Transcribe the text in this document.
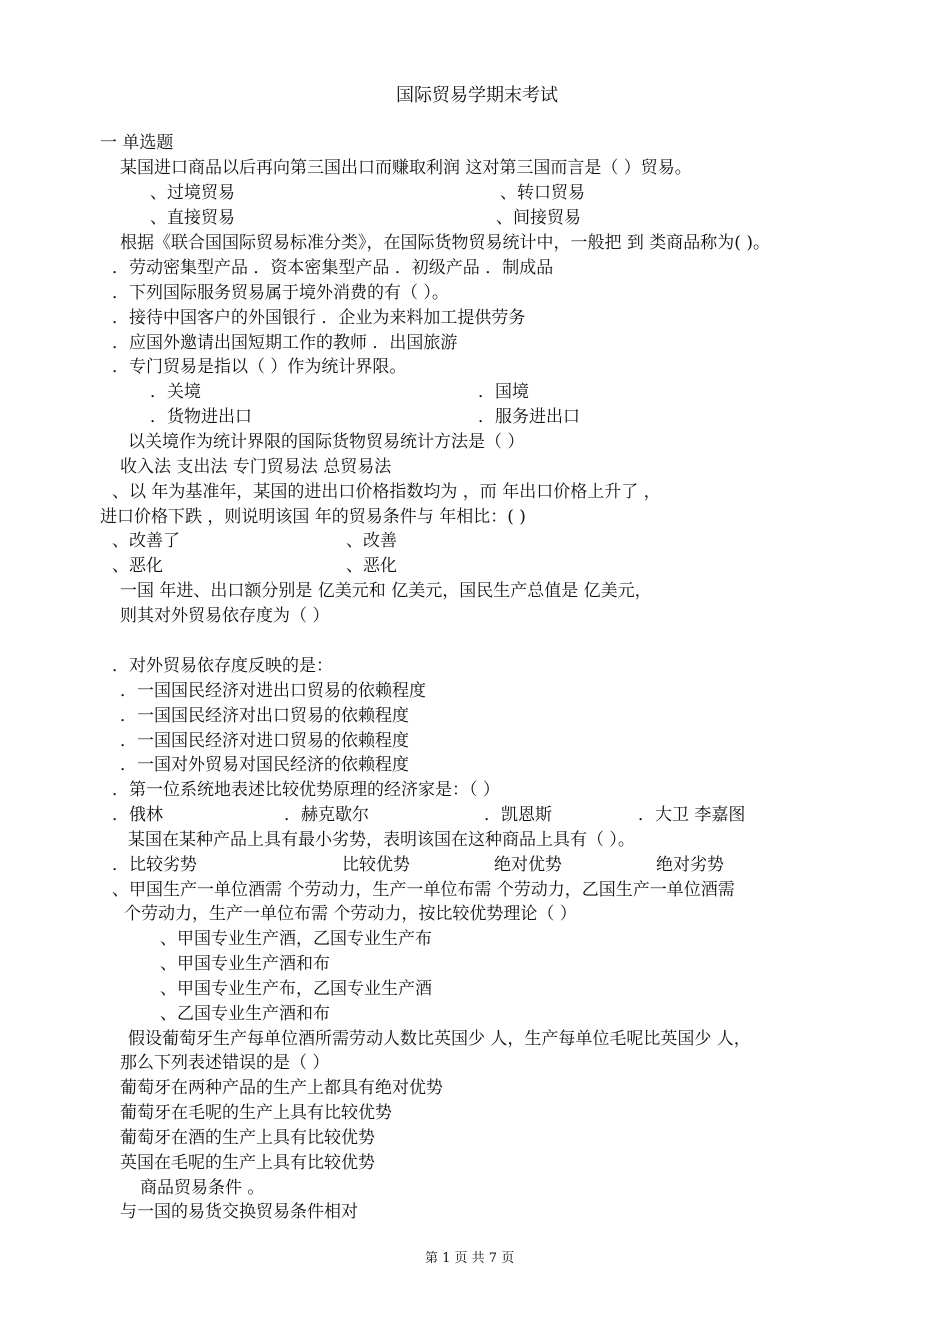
国际贸易学期末考试
一 单选题
某国进口商品以后再向第三国出口而赚取利润 这对第三国而言是（ ）贸易。
、过境贸易	、转口贸易
、直接贸易	、间接贸易
根据《联合国国际贸易标准分类》，在国际货物贸易统计中，一般把 到 类商品称为( )。
．劳动密集型产品 ．资本密集型产品 ．初级产品 ．制成品
．下列国际服务贸易属于境外消费的有（ ）。
．接待中国客户的外国银行 ．企业为来料加工提供劳务
．应国外邀请出国短期工作的教师 ．出国旅游
．专门贸易是指以（ ）作为统计界限。
．关境	．国境
．货物进出口	．服务进出口
以关境作为统计界限的国际货物贸易统计方法是（ ）
收入法 支出法 专门贸易法 总贸易法
、以 年为基准年，某国的进出口价格指数均为 ，而 年出口价格上升了 ，
进口价格下跌 ，则说明该国 年的贸易条件与 年相比：( )
、改善了	、改善
、恶化	、恶化
一国 年进、出口额分别是 亿美元和 亿美元，国民生产总值是 亿美元，
则其对外贸易依存度为（ ）
．对外贸易依存度反映的是：
．一国国民经济对进出口贸易的依赖程度
．一国国民经济对出口贸易的依赖程度
．一国国民经济对进口贸易的依赖程度
．一国对外贸易对国民经济的依赖程度
．第一位系统地表述比较优势原理的经济家是：（ ）
．俄林	．赫克歇尔	．凯恩斯	．大卫 李嘉图
某国在某种产品上具有最小劣势，表明该国在这种商品上具有（ ）。
．比较劣势	比较优势	绝对优势	绝对劣势
、甲国生产一单位酒需 个劳动力，生产一单位布需 个劳动力，乙国生产一单位酒需
个劳动力，生产一单位布需 个劳动力，按比较优势理论（ ）
、甲国专业生产酒，乙国专业生产布
、甲国专业生产酒和布
、甲国专业生产布，乙国专业生产酒
、乙国专业生产酒和布
假设葡萄牙生产每单位酒所需劳动人数比英国少 人，生产每单位毛呢比英国少 人，
那么下列表述错误的是（ ）
葡萄牙在两种产品的生产上都具有绝对优势
葡萄牙在毛呢的生产上具有比较优势
葡萄牙在酒的生产上具有比较优势
英国在毛呢的生产上具有比较优势
商品贸易条件 。
与一国的易货交换贸易条件相对
第 1 页 共 7 页
